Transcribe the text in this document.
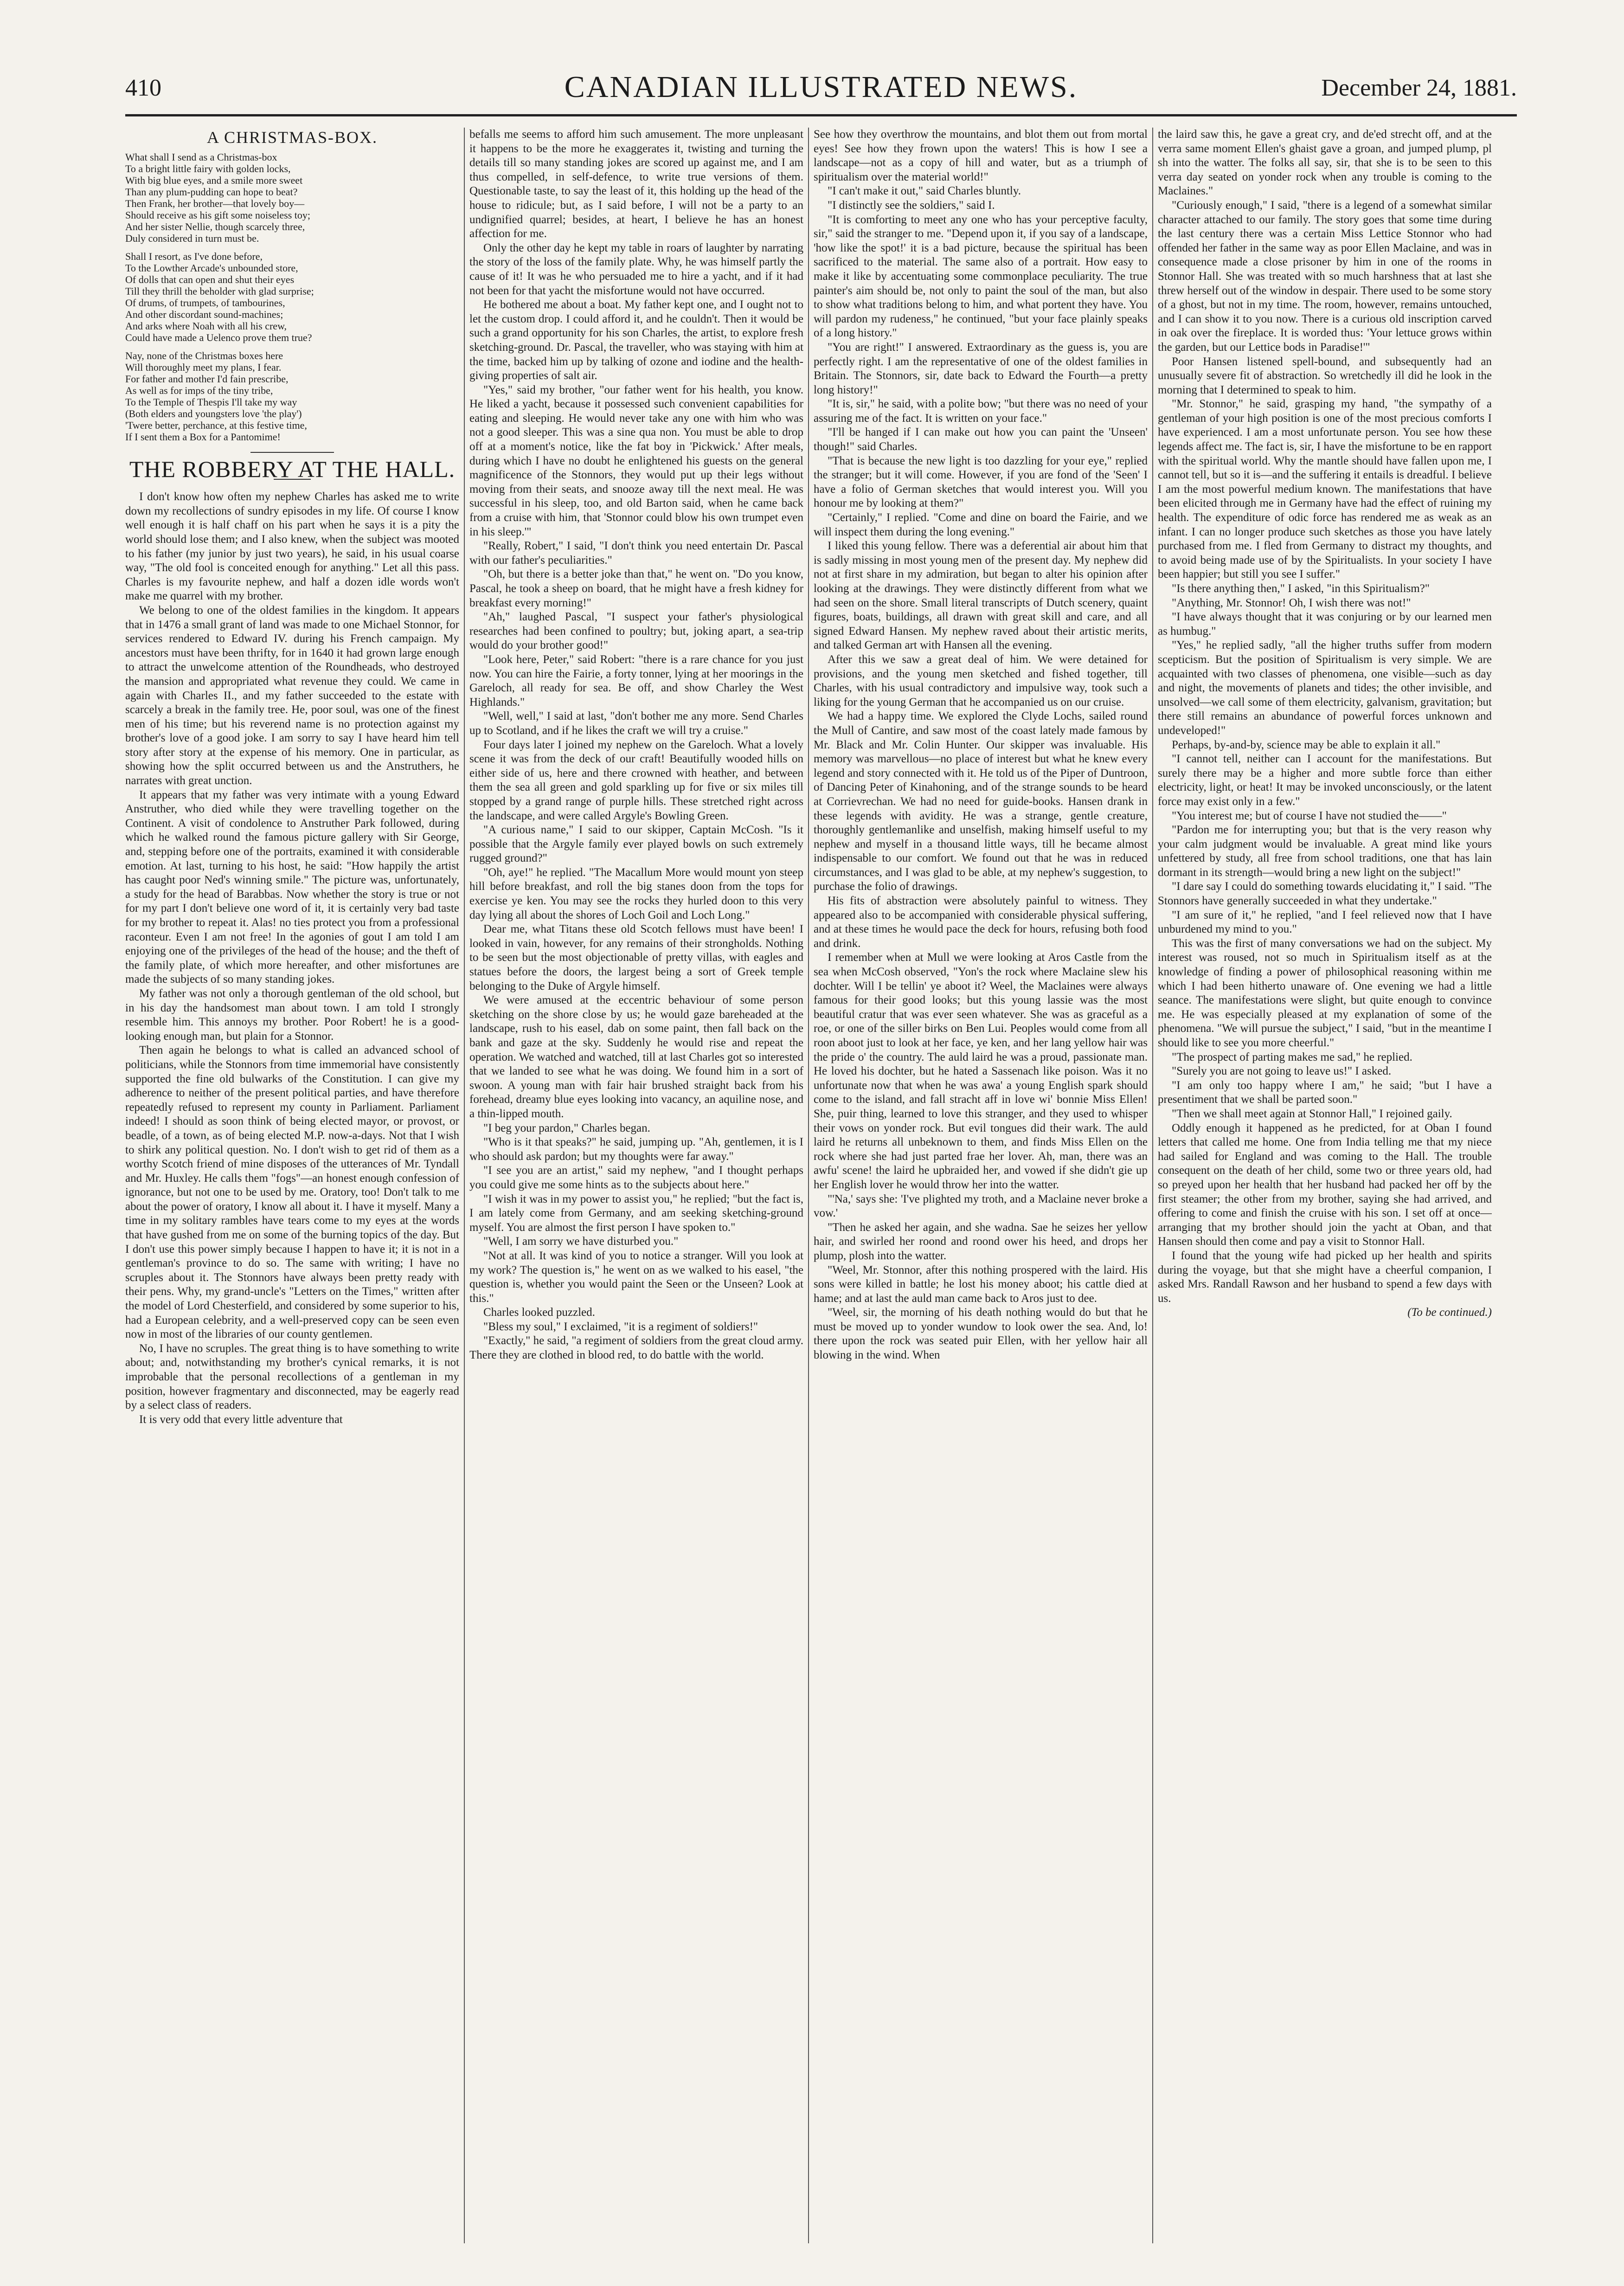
410	CANADIAN ILLUSTRATED NEWS.	December 24, 1881.
A CHRISTMAS-BOX.
What shall I send as a Christmas-box
To a bright little fairy with golden locks,
With big blue eyes, and a smile more sweet
Than any plum-pudding can hope to beat?
Then Frank, her brother—that lovely boy—
Should receive as his gift some noiseless toy;
And her sister Nellie, though scarcely three,
Duly considered in turn must be.
Shall I resort, as I've done before,
To the Lowther Arcade's unbounded store,
Of dolls that can open and shut their eyes
Till they thrill the beholder with glad surprise;
Of drums, of trumpets, of tambourines,
And other discordant sound-machines;
And arks where Noah with all his crew,
Could have made a Uelenco prove them true?
Nay, none of the Christmas boxes here
Will thoroughly meet my plans, I fear.
For father and mother I'd fain prescribe,
As well as for imps of the tiny tribe,
To the Temple of Thespis I'll take my way
(Both elders and youngsters love 'the play')
'Twere better, perchance, at this festive time,
If I sent them a Box for a Pantomime!
THE ROBBERY AT THE HALL.

I don't know how often my nephew Charles has asked me to write down my recollections of sundry episodes in my life. Of course I know well enough it is half chaff on his part when he says it is a pity the world should lose them; and I also knew, when the subject was mooted to his father (my junior by just two years), he said, in his usual coarse way, "The old fool is conceited enough for anything." Let all this pass. Charles is my favourite nephew, and half a dozen idle words won't make me quarrel with my brother.

We belong to one of the oldest families in the kingdom. It appears that in 1476 a small grant of land was made to one Michael Stonnor, for services rendered to Edward IV. during his French campaign. My ancestors must have been thrifty, for in 1640 it had grown large enough to attract the unwelcome attention of the Roundheads, who destroyed the mansion and appropriated what revenue they could. We came in again with Charles II., and my father succeeded to the estate with scarcely a break in the family tree. He, poor soul, was one of the finest men of his time; but his reverend name is no protection against my brother's love of a good joke. I am sorry to say I have heard him tell story after story at the expense of his memory. One in particular, as showing how the split occurred between us and the Anstruthers, he narrates with great unction.

It appears that my father was very intimate with a young Edward Anstruther, who died while they were travelling together on the Continent. A visit of condolence to Anstruther Park followed, during which he walked round the famous picture gallery with Sir George, and, stepping before one of the portraits, examined it with considerable emotion. At last, turning to his host, he said: "How happily the artist has caught poor Ned's winning smile." The picture was, unfortunately, a study for the head of Barabbas. Now whether the story is true or not for my part I don't believe one word of it, it is certainly very bad taste for my brother to repeat it. Alas! no ties protect you from a professional raconteur. Even I am not free! In the agonies of gout I am told I am enjoying one of the privileges of the head of the house; and the theft of the family plate, of which more hereafter, and other misfortunes are made the subjects of so many standing jokes.

My father was not only a thorough gentleman of the old school, but in his day the handsomest man about town. I am told I strongly resemble him. This annoys my brother. Poor Robert! he is a good-looking enough man, but plain for a Stonnor.

Then again he belongs to what is called an advanced school of politicians, while the Stonnors from time immemorial have consistently supported the fine old bulwarks of the Constitution. I can give my adherence to neither of the present political parties, and have therefore repeatedly refused to represent my county in Parliament. Parliament indeed! I should as soon think of being elected mayor, or provost, or beadle, of a town, as of being elected M.P. now-a-days. Not that I wish to shirk any political question. No. I don't wish to get rid of them as a worthy Scotch friend of mine disposes of the utterances of Mr. Tyndall and Mr. Huxley. He calls them "fogs"—an honest enough confession of ignorance, but not one to be used by me. Oratory, too! Don't talk to me about the power of oratory, I know all about it. I have it myself. Many a time in my solitary rambles have tears come to my eyes at the words that have gushed from me on some of the burning topics of the day. But I don't use this power simply because I happen to have it; it is not in a gentleman's province to do so. The same with writing; I have no scruples about it. The Stonnors have always been pretty ready with their pens. Why, my grand-uncle's "Letters on the Times," written after the model of Lord Chesterfield, and considered by some superior to his, had a European celebrity, and a well-preserved copy can be seen even now in most of the libraries of our county gentlemen.

No, I have no scruples. The great thing is to have something to write about; and, notwithstanding my brother's cynical remarks, it is not improbable that the personal recollections of a gentleman in my position, however fragmentary and disconnected, may be eagerly read by a select class of readers.

It is very odd that every little adventure that

befalls me seems to afford him such amusement. The more unpleasant it happens to be the more he exaggerates it, twisting and turning the details till so many standing jokes are scored up against me, and I am thus compelled, in self-defence, to write true versions of them. Questionable taste, to say the least of it, this holding up the head of the house to ridicule; but, as I said before, I will not be a party to an undignified quarrel; besides, at heart, I believe he has an honest affection for me.

Only the other day he kept my table in roars of laughter by narrating the story of the loss of the family plate. Why, he was himself partly the cause of it! It was he who persuaded me to hire a yacht, and if it had not been for that yacht the misfortune would not have occurred.

He bothered me about a boat. My father kept one, and I ought not to let the custom drop. I could afford it, and he couldn't. Then it would be such a grand opportunity for his son Charles, the artist, to explore fresh sketching-ground. Dr. Pascal, the traveller, who was staying with him at the time, backed him up by talking of ozone and iodine and the health-giving properties of salt air.

"Yes," said my brother, "our father went for his health, you know. He liked a yacht, because it possessed such convenient capabilities for eating and sleeping. He would never take any one with him who was not a good sleeper. This was a sine qua non. You must be able to drop off at a moment's notice, like the fat boy in 'Pickwick.' After meals, during which I have no doubt he enlightened his guests on the general magnificence of the Stonnors, they would put up their legs without moving from their seats, and snooze away till the next meal. He was successful in his sleep, too, and old Barton said, when he came back from a cruise with him, that 'Stonnor could blow his own trumpet even in his sleep.'"

"Really, Robert," I said, "I don't think you need entertain Dr. Pascal with our father's peculiarities."

"Oh, but there is a better joke than that," he went on. "Do you know, Pascal, he took a sheep on board, that he might have a fresh kidney for breakfast every morning!"

"Ah," laughed Pascal, "I suspect your father's physiological researches had been confined to poultry; but, joking apart, a sea-trip would do your brother good!"

"Look here, Peter," said Robert: "there is a rare chance for you just now. You can hire the Fairie, a forty tonner, lying at her moorings in the Gareloch, all ready for sea. Be off, and show Charley the West Highlands."

"Well, well," I said at last, "don't bother me any more. Send Charles up to Scotland, and if he likes the craft we will try a cruise."

Four days later I joined my nephew on the Gareloch. What a lovely scene it was from the deck of our craft! Beautifully wooded hills on either side of us, here and there crowned with heather, and between them the sea all green and gold sparkling up for five or six miles till stopped by a grand range of purple hills. These stretched right across the landscape, and were called Argyle's Bowling Green.

"A curious name," I said to our skipper, Captain McCosh. "Is it possible that the Argyle family ever played bowls on such extremely rugged ground?"

"Oh, aye!" he replied. "The Macallum More would mount yon steep hill before breakfast, and roll the big stanes doon from the tops for exercise ye ken. You may see the rocks they hurled doon to this very day lying all about the shores of Loch Goil and Loch Long."

Dear me, what Titans these old Scotch fellows must have been! I looked in vain, however, for any remains of their strongholds. Nothing to be seen but the most objectionable of pretty villas, with eagles and statues before the doors, the largest being a sort of Greek temple belonging to the Duke of Argyle himself.

We were amused at the eccentric behaviour of some person sketching on the shore close by us; he would gaze bareheaded at the landscape, rush to his easel, dab on some paint, then fall back on the bank and gaze at the sky. Suddenly he would rise and repeat the operation. We watched and watched, till at last Charles got so interested that we landed to see what he was doing. We found him in a sort of swoon. A young man with fair hair brushed straight back from his forehead, dreamy blue eyes looking into vacancy, an aquiline nose, and a thin-lipped mouth.

"I beg your pardon," Charles began.

"Who is it that speaks?" he said, jumping up. "Ah, gentlemen, it is I who should ask pardon; but my thoughts were far away."

"I see you are an artist," said my nephew, "and I thought perhaps you could give me some hints as to the subjects about here."

"I wish it was in my power to assist you," he replied; "but the fact is, I am lately come from Germany, and am seeking sketching-ground myself. You are almost the first person I have spoken to."

"Well, I am sorry we have disturbed you."

"Not at all. It was kind of you to notice a stranger. Will you look at my work? The question is," he went on as we walked to his easel, "the question is, whether you would paint the Seen or the Unseen? Look at this."

Charles looked puzzled.

"Bless my soul," I exclaimed, "it is a regiment of soldiers!"

"Exactly," he said, "a regiment of soldiers from the great cloud army. There they are clothed in blood red, to do battle with the world.

See how they overthrow the mountains, and blot them out from mortal eyes! See how they frown upon the waters! This is how I see a landscape—not as a copy of hill and water, but as a triumph of spiritualism over the material world!"

"I can't make it out," said Charles bluntly.

"I distinctly see the soldiers," said I.

"It is comforting to meet any one who has your perceptive faculty, sir," said the stranger to me. "Depend upon it, if you say of a landscape, 'how like the spot!' it is a bad picture, because the spiritual has been sacrificed to the material. The same also of a portrait. How easy to make it like by accentuating some commonplace peculiarity. The true painter's aim should be, not only to paint the soul of the man, but also to show what traditions belong to him, and what portent they have. You will pardon my rudeness," he continued, "but your face plainly speaks of a long history."

"You are right!" I answered. Extraordinary as the guess is, you are perfectly right. I am the representative of one of the oldest families in Britain. The Stonnors, sir, date back to Edward the Fourth—a pretty long history!"

"It is, sir," he said, with a polite bow; "but there was no need of your assuring me of the fact. It is written on your face."

"I'll be hanged if I can make out how you can paint the 'Unseen' though!" said Charles.

"That is because the new light is too dazzling for your eye," replied the stranger; but it will come. However, if you are fond of the 'Seen' I have a folio of German sketches that would interest you. Will you honour me by looking at them?"

"Certainly," I replied. "Come and dine on board the Fairie, and we will inspect them during the long evening."

I liked this young fellow. There was a deferential air about him that is sadly missing in most young men of the present day. My nephew did not at first share in my admiration, but began to alter his opinion after looking at the drawings. They were distinctly different from what we had seen on the shore. Small literal transcripts of Dutch scenery, quaint figures, boats, buildings, all drawn with great skill and care, and all signed Edward Hansen. My nephew raved about their artistic merits, and talked German art with Hansen all the evening.

After this we saw a great deal of him. We were detained for provisions, and the young men sketched and fished together, till Charles, with his usual contradictory and impulsive way, took such a liking for the young German that he accompanied us on our cruise.

We had a happy time. We explored the Clyde Lochs, sailed round the Mull of Cantire, and saw most of the coast lately made famous by Mr. Black and Mr. Colin Hunter. Our skipper was invaluable. His memory was marvellous—no place of interest but what he knew every legend and story connected with it. He told us of the Piper of Duntroon, of Dancing Peter of Kinahoning, and of the strange sounds to be heard at Corrievrechan. We had no need for guide-books. Hansen drank in these legends with avidity. He was a strange, gentle creature, thoroughly gentlemanlike and unselfish, making himself useful to my nephew and myself in a thousand little ways, till he became almost indispensable to our comfort. We found out that he was in reduced circumstances, and I was glad to be able, at my nephew's suggestion, to purchase the folio of drawings.

His fits of abstraction were absolutely painful to witness. They appeared also to be accompanied with considerable physical suffering, and at these times he would pace the deck for hours, refusing both food and drink.

I remember when at Mull we were looking at Aros Castle from the sea when McCosh observed, "Yon's the rock where Maclaine slew his dochter. Will I be tellin' ye aboot it? Weel, the Maclaines were always famous for their good looks; but this young lassie was the most beautiful cratur that was ever seen whatever. She was as graceful as a roe, or one of the siller birks on Ben Lui. Peoples would come from all roon aboot just to look at her face, ye ken, and her lang yellow hair was the pride o' the country. The auld laird he was a proud, passionate man. He loved his dochter, but he hated a Sassenach like poison. Was it no unfortunate now that when he was awa' a young English spark should come to the island, and fall stracht aff in love wi' bonnie Miss Ellen! She, puir thing, learned to love this stranger, and they used to whisper their vows on yonder rock. But evil tongues did their wark. The auld laird he returns all unbeknown to them, and finds Miss Ellen on the rock where she had just parted frae her lover. Ah, man, there was an awfu' scene! the laird he upbraided her, and vowed if she didn't gie up her English lover he would throw her into the watter.

"'Na,' says she: 'I've plighted my troth, and a Maclaine never broke a vow.'

"Then he asked her again, and she wadna. Sae he seizes her yellow hair, and swirled her roond and roond ower his heed, and drops her plump, plosh into the watter.

"Weel, Mr. Stonnor, after this nothing prospered with the laird. His sons were killed in battle; he lost his money aboot; his cattle died at hame; and at last the auld man came back to Aros just to dee.

"Weel, sir, the morning of his death nothing would do but that he must be moved up to yonder wundow to look ower the sea. And, lo! there upon the rock was seated puir Ellen, with her yellow hair all blowing in the wind. When

the laird saw this, he gave a great cry, and de'ed strecht off, and at the verra same moment Ellen's ghaist gave a groan, and jumped plump, pl sh into the watter. The folks all say, sir, that she is to be seen to this verra day seated on yonder rock when any trouble is coming to the Maclaines."

"Curiously enough," I said, "there is a legend of a somewhat similar character attached to our family. The story goes that some time during the last century there was a certain Miss Lettice Stonnor who had offended her father in the same way as poor Ellen Maclaine, and was in consequence made a close prisoner by him in one of the rooms in Stonnor Hall. She was treated with so much harshness that at last she threw herself out of the window in despair. There used to be some story of a ghost, but not in my time. The room, however, remains untouched, and I can show it to you now. There is a curious old inscription carved in oak over the fireplace. It is worded thus: 'Your lettuce grows within the garden, but our Lettice bods in Paradise!'"

Poor Hansen listened spell-bound, and subsequently had an unusually severe fit of abstraction. So wretchedly ill did he look in the morning that I determined to speak to him.

"Mr. Stonnor," he said, grasping my hand, "the sympathy of a gentleman of your high position is one of the most precious comforts I have experienced. I am a most unfortunate person. You see how these legends affect me. The fact is, sir, I have the misfortune to be en rapport with the spiritual world. Why the mantle should have fallen upon me, I cannot tell, but so it is—and the suffering it entails is dreadful. I believe I am the most powerful medium known. The manifestations that have been elicited through me in Germany have had the effect of ruining my health. The expenditure of odic force has rendered me as weak as an infant. I can no longer produce such sketches as those you have lately purchased from me. I fled from Germany to distract my thoughts, and to avoid being made use of by the Spiritualists. In your society I have been happier; but still you see I suffer."

"Is there anything then," I asked, "in this Spiritualism?"

"Anything, Mr. Stonnor! Oh, I wish there was not!"

"I have always thought that it was conjuring or by our learned men as humbug."

"Yes," he replied sadly, "all the higher truths suffer from modern scepticism. But the position of Spiritualism is very simple. We are acquainted with two classes of phenomena, one visible—such as day and night, the movements of planets and tides; the other invisible, and unsolved—we call some of them electricity, galvanism, gravitation; but there still remains an abundance of powerful forces unknown and undeveloped!"

Perhaps, by-and-by, science may be able to explain it all."

"I cannot tell, neither can I account for the manifestations. But surely there may be a higher and more subtle force than either electricity, light, or heat! It may be invoked unconsciously, or the latent force may exist only in a few."

"You interest me; but of course I have not studied the——"

"Pardon me for interrupting you; but that is the very reason why your calm judgment would be invaluable. A great mind like yours unfettered by study, all free from school traditions, one that has lain dormant in its strength—would bring a new light on the subject!"

"I dare say I could do something towards elucidating it," I said. "The Stonnors have generally succeeded in what they undertake."

"I am sure of it," he replied, "and I feel relieved now that I have unburdened my mind to you."

This was the first of many conversations we had on the subject. My interest was roused, not so much in Spiritualism itself as at the knowledge of finding a power of philosophical reasoning within me which I had been hitherto unaware of. One evening we had a little seance. The manifestations were slight, but quite enough to convince me. He was especially pleased at my explanation of some of the phenomena. "We will pursue the subject," I said, "but in the meantime I should like to see you more cheerful."

"The prospect of parting makes me sad," he replied.

"Surely you are not going to leave us!" I asked.

"I am only too happy where I am," he said; "but I have a presentiment that we shall be parted soon."

"Then we shall meet again at Stonnor Hall," I rejoined gaily.

Oddly enough it happened as he predicted, for at Oban I found letters that called me home. One from India telling me that my niece had sailed for England and was coming to the Hall. The trouble consequent on the death of her child, some two or three years old, had so preyed upon her health that her husband had packed her off by the first steamer; the other from my brother, saying she had arrived, and offering to come and finish the cruise with his son. I set off at once—arranging that my brother should join the yacht at Oban, and that Hansen should then come and pay a visit to Stonnor Hall.

I found that the young wife had picked up her health and spirits during the voyage, but that she might have a cheerful companion, I asked Mrs. Randall Rawson and her husband to spend a few days with us.

(To be continued.)
